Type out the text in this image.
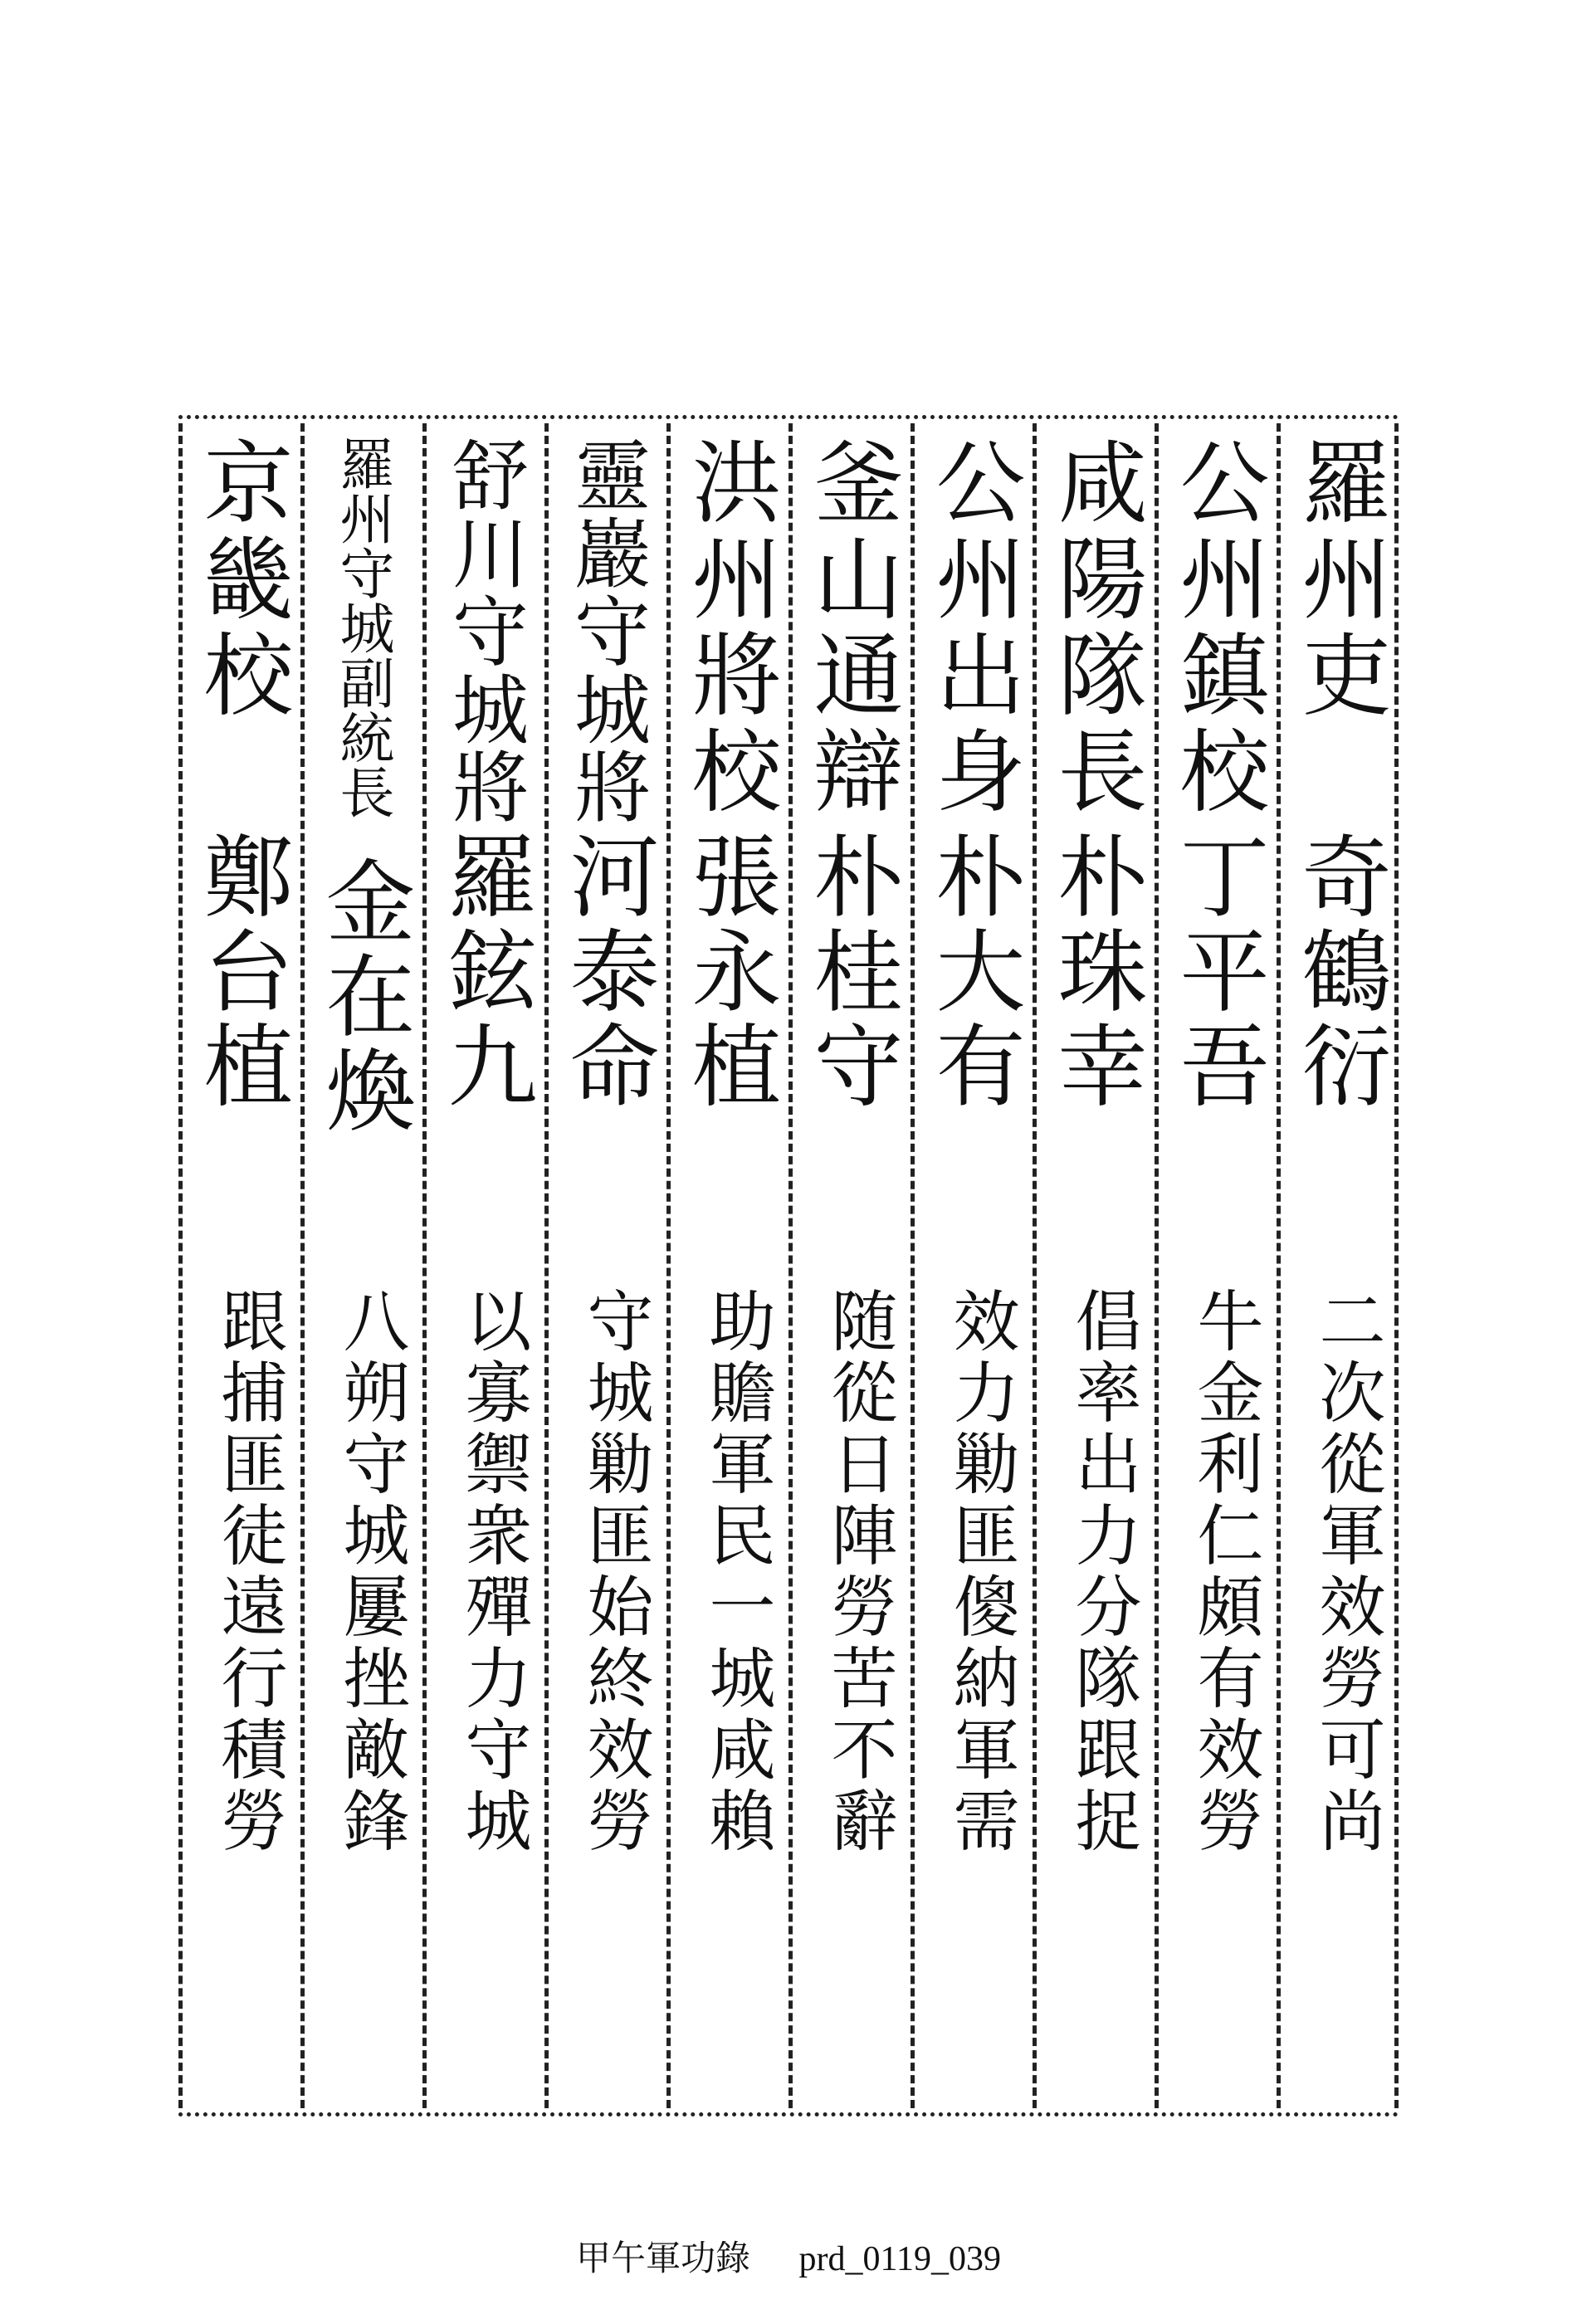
羅州吏
奇鶴衍
二次從軍效勞可尚
公州鎮校
丁平吾
牛金利仁頗有效勞
咸陽隊長
朴珠幸
倡率出力分隊跟捉
公州出身
朴大有
效力勦匪傻納軍需
釜山通辯
朴桂守
随從日陣勞苦不辭
洪州將校
張永植
助贍軍民一城咸賴
靈巖守城將
河泰命
守城勦匪始終效勞
舒川守城將
羅鉉九
以寡禦衆殫力守城
羅州守城副統長
金在煥
八朔守城屢挫敵鋒
京畿校
鄭台植
跟捕匪徒遠行積勞
甲午軍功錄 prd_0119_039
